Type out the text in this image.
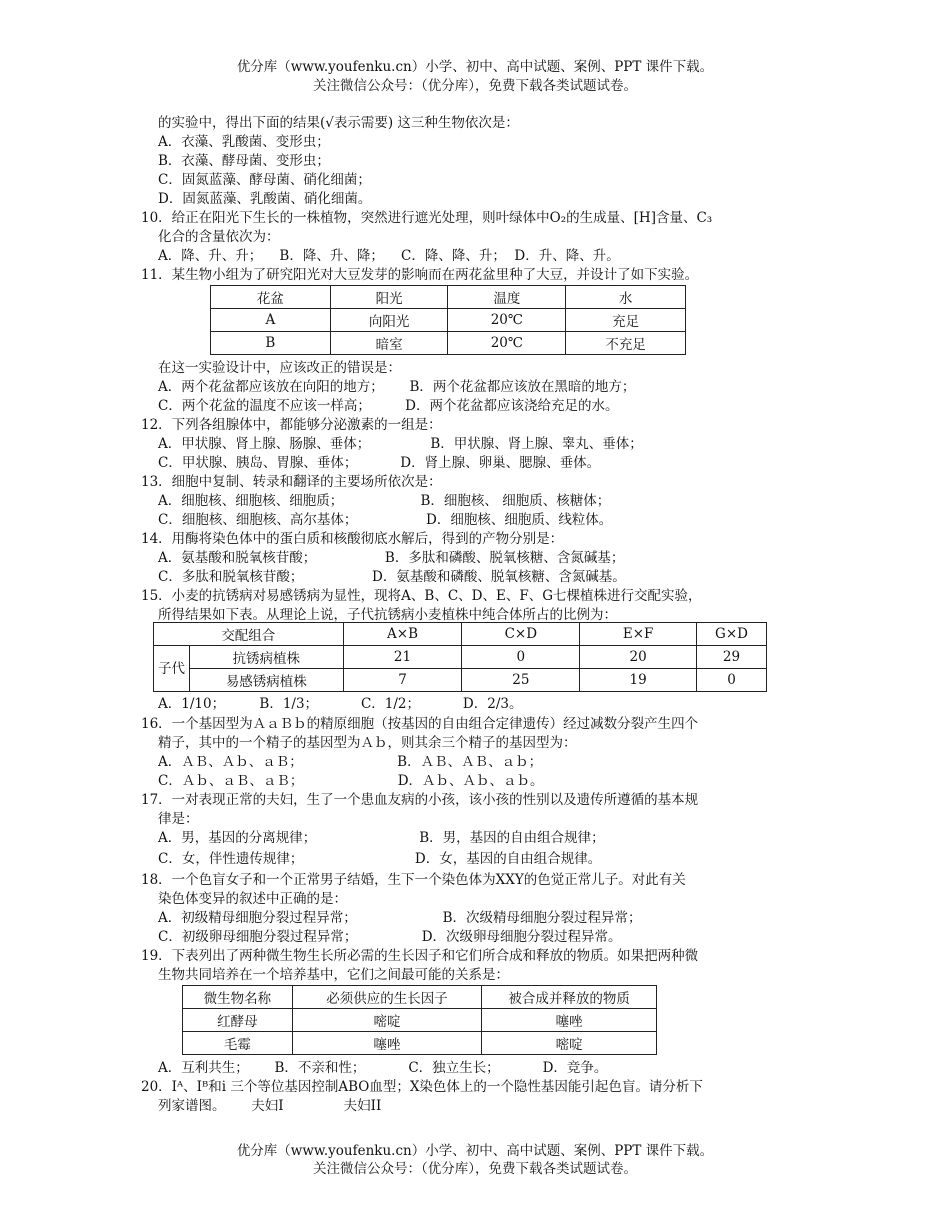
优分库（www.youfenku.cn）小学、初中、高中试题、案例、PPT 课件下载。
关注微信公众号：（优分库），免费下载各类试题试卷。
的实验中，得出下面的结果(√表示需要) 这三种生物依次是：
A．衣藻、乳酸菌、变形虫；
B．衣藻、酵母菌、变形虫；
C．固氮蓝藻、酵母菌、硝化细菌；
D．固氮蓝藻、乳酸菌、硝化细菌。
10．给正在阳光下生长的一株植物，突然进行遮光处理，则叶绿体中O₂的生成量、[H]含量、C₃
化合的含量依次为：
A．降、升、升；    B．降、升、降；    C．降、降、升；  D．升、降、升。
11．某生物小组为了研究阳光对大豆发芽的影响而在两花盆里种了大豆，并设计了如下实验。
花盆	阳光	温度	水
A	向阳光	20℃	充足
B	暗室	20℃	不充足
在这一实验设计中，应该改正的错误是：
A．两个花盆都应该放在向阳的地方；      B．两个花盆都应该放在黑暗的地方；
C．两个花盆的温度不应该一样高；        D．两个花盆都应该浇给充足的水。
12．下列各组腺体中，都能够分泌激素的一组是：
A．甲状腺、肾上腺、肠腺、垂体；              B．甲状腺、肾上腺、睾丸、垂体；
C．甲状腺、胰岛、胃腺、垂体；          D．肾上腺、卵巢、腮腺、垂体。
13．细胞中复制、转录和翻译的主要场所依次是：
A．细胞核、细胞核、细胞质；                  B．细胞核、 细胞质、核糖体；
C．细胞核、细胞核、高尔基体；                D．细胞核、细胞质、线粒体。
14．用酶将染色体中的蛋白质和核酸彻底水解后，得到的产物分别是：
A．氨基酸和脱氧核苷酸；                B．多肽和磷酸、脱氧核糖、含氮碱基；
C．多肽和脱氧核苷酸；                D．氨基酸和磷酸、脱氧核糖、含氮碱基。
15．小麦的抗锈病对易感锈病为显性，现将A、B、C、D、E、F、G七棵植株进行交配实验，
所得结果如下表。从理论上说，子代抗锈病小麦植株中纯合体所占的比例为：
交配组合		A×B	C×D	E×F	G×D
子代	抗锈病植株	21	0	20	29
	易感锈病植株	7	25	19	0
A．1/10；        B．1/3；          C．1/2；          D．2/3。
16．一个基因型为ＡａＢｂ的精原细胞（按基因的自由组合定律遗传）经过减数分裂产生四个
精子，其中的一个精子的基因型为Ａｂ，则其余三个精子的基因型为：
A．ＡＢ、Ａｂ、ａＢ；                      B．ＡＢ、ＡＢ、ａｂ；
C．Ａｂ、ａＢ、ａＢ；                      D．Ａｂ、Ａｂ、ａｂ。
17．一对表现正常的夫妇，生了一个患血友病的小孩，该小孩的性别以及遗传所遵循的基本规
律是：
A．男，基因的分离规律；                        B．男，基因的自由组合规律；
C．女，伴性遗传规律；                          D．女，基因的自由组合规律。
18．一个色盲女子和一个正常男子结婚，生下一个染色体为XXY的色觉正常儿子。对此有关
染色体变异的叙述中正确的是：
A．初级精母细胞分裂过程异常；                    B．次级精母细胞分裂过程异常；
C．初级卵母细胞分裂过程异常；               D．次级卵母细胞分裂过程异常。
19．下表列出了两种微生物生长所必需的生长因子和它们所合成和释放的物质。如果把两种微
生物共同培养在一个培养基中，它们之间最可能的关系是：
微生物名称	必须供应的生长因子	被合成并释放的物质
红酵母	嘧啶	噻唑
毛霉	噻唑	嘧啶
A．互利共生；      B．不亲和性；          C．独立生长；          D．竞争。
20．Iᴬ、Iᴮ和i 三个等位基因控制ABO血型；X染色体上的一个隐性基因能引起色盲。请分析下
列家谱图。      夫妇I              夫妇II
优分库（www.youfenku.cn）小学、初中、高中试题、案例、PPT 课件下载。
关注微信公众号：（优分库），免费下载各类试题试卷。
